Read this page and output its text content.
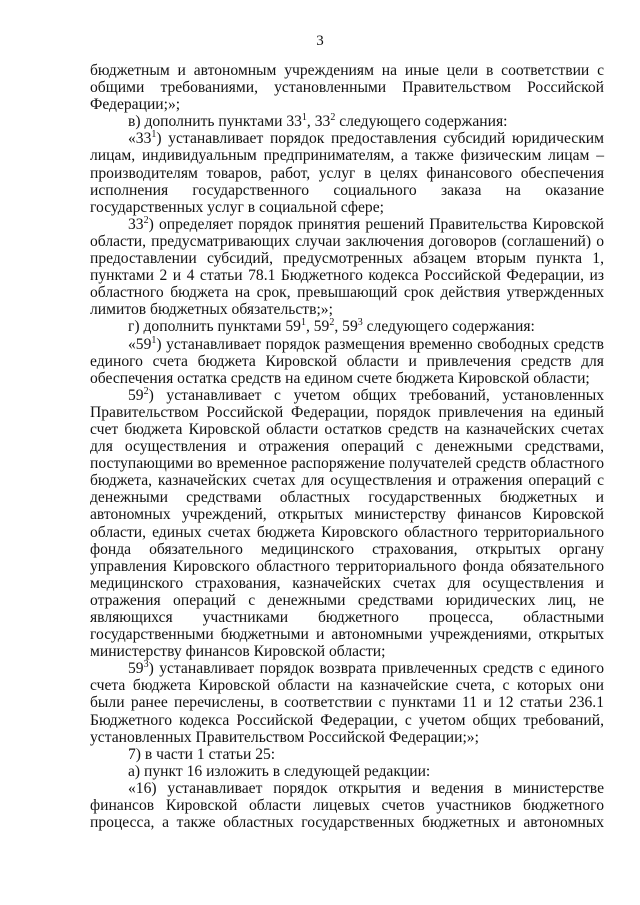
3

бюджетным и автономным учреждениям на иные цели в соответствии с общими требованиями, установленными Правительством Российской Федерации;»;

в) дополнить пунктами $33^1$, $33^2$ следующего содержания:

«$33^1$) устанавливает порядок предоставления субсидий юридическим лицам, индивидуальным предпринимателям, а также физическим лицам – производителям товаров, работ, услуг в целях финансового обеспечения исполнения государственного социального заказа на оказание государственных услуг в социальной сфере;

$33^2$) определяет порядок принятия решений Правительства Кировской области, предусматривающих случаи заключения договоров (соглашений) о предоставлении субсидий, предусмотренных абзацем вторым пункта 1, пунктами 2 и 4 статьи 78.1 Бюджетного кодекса Российской Федерации, из областного бюджета на срок, превышающий срок действия утвержденных лимитов бюджетных обязательств;»;

г) дополнить пунктами $59^1$, $59^2$, $59^3$ следующего содержания:

«$59^1$) устанавливает порядок размещения временно свободных средств единого счета бюджета Кировской области и привлечения средств для обеспечения остатка средств на едином счете бюджета Кировской области;

$59^2$) устанавливает с учетом общих требований, установленных Правительством Российской Федерации, порядок привлечения на единый счет бюджета Кировской области остатков средств на казначейских счетах для осуществления и отражения операций с денежными средствами, поступающими во временное распоряжение получателей средств областного бюджета, казначейских счетах для осуществления и отражения операций с денежными средствами областных государственных бюджетных и автономных учреждений, открытых министерству финансов Кировской области, единых счетах бюджета Кировского областного территориального фонда обязательного медицинского страхования, открытых органу управления Кировского областного территориального фонда обязательного медицинского страхования, казначейских счетах для осуществления и отражения операций с денежными средствами юридических лиц, не являющихся участниками бюджетного процесса, областными государственными бюджетными и автономными учреждениями, открытых министерству финансов Кировской области;

$59^3$) устанавливает порядок возврата привлеченных средств с единого счета бюджета Кировской области на казначейские счета, с которых они были ранее перечислены, в соответствии с пунктами 11 и 12 статьи 236.1 Бюджетного кодекса Российской Федерации, с учетом общих требований, установленных Правительством Российской Федерации;»;

7) в части 1 статьи 25:

а) пункт 16 изложить в следующей редакции:

«16) устанавливает порядок открытия и ведения в министерстве финансов Кировской области лицевых счетов участников бюджетного процесса, а также областных государственных бюджетных и автономных
